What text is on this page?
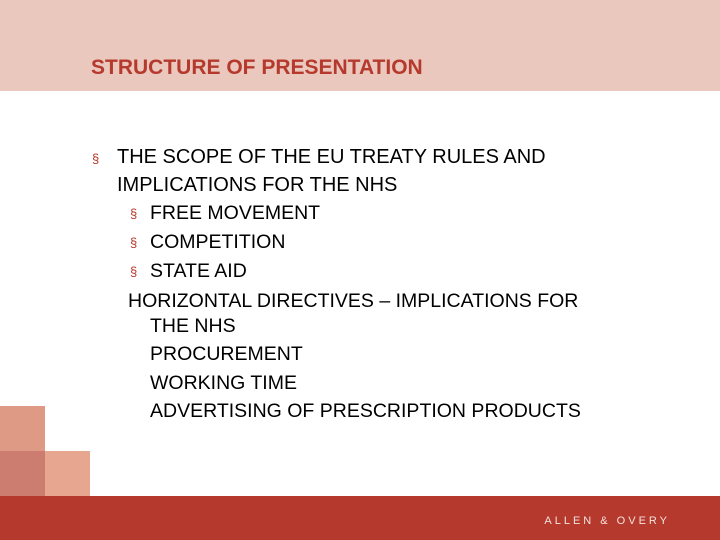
STRUCTURE OF PRESENTATION
§ THE SCOPE OF THE EU TREATY RULES AND
IMPLICATIONS FOR THE NHS
§ FREE MOVEMENT
§ COMPETITION
§ STATE AID
HORIZONTAL DIRECTIVES – IMPLICATIONS FOR
THE NHS
PROCUREMENT
WORKING TIME
ADVERTISING OF PRESCRIPTION PRODUCTS
ALLEN & OVERY
